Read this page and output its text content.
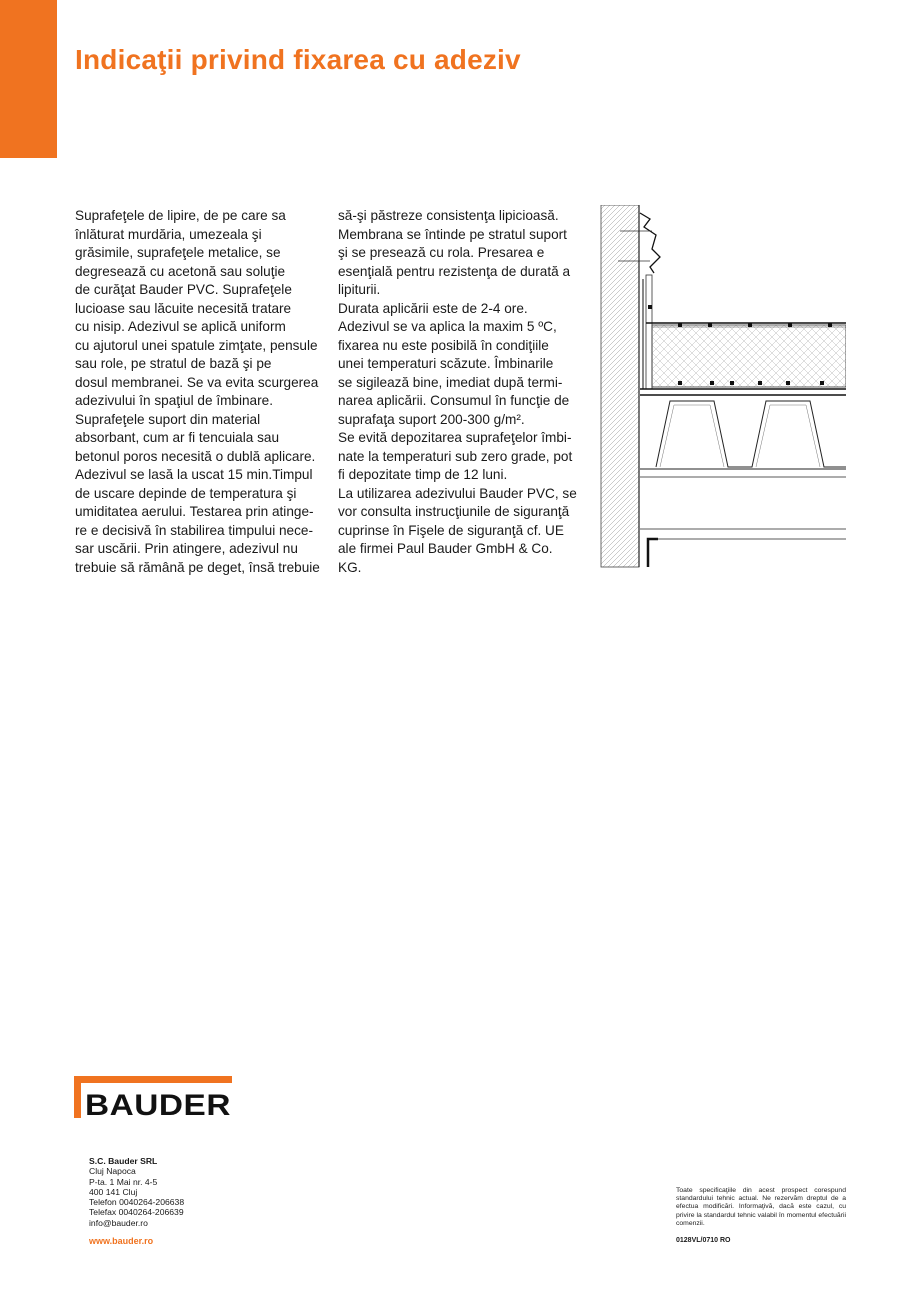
Indicaţii privind fixarea cu adeziv

Suprafeţele de lipire, de pe care sa

înlăturat murdăria, umezeala şi

grăsimile, suprafeţele metalice, se

degresează cu acetonă sau soluţie

de curăţat Bauder PVC. Suprafeţele

lucioase sau lăcuite necesită tratare

cu nisip. Adezivul se aplică uniform

cu ajutorul unei spatule zimţate, pensule

sau role, pe stratul de bază şi pe

dosul membranei. Se va evita scurgerea

adezivului în spaţiul de îmbinare.

Suprafeţele suport din material

absorbant, cum ar fi tencuiala sau

betonul poros necesită o dublă aplicare.

Adezivul se lasă la uscat 15 min.Timpul

de uscare depinde de temperatura şi

umiditatea aerului. Testarea prin atinge-

re e decisivă în stabilirea timpului nece-

sar uscării. Prin atingere, adezivul nu

trebuie să rămână pe deget, însă trebuie

să-şi păstreze consistenţa lipicioasă.

Membrana se întinde pe stratul suport

şi se presează cu rola. Presarea e

esenţială pentru rezistenţa de durată a

lipiturii.

Durata aplicării este de 2-4 ore.

Adezivul se va aplica la maxim 5 ºC,

fixarea nu este posibilă în condiţiile

unei temperaturi scăzute. Îmbinarile

se sigilează bine, imediat după termi-

narea aplicării. Consumul în funcţie de

suprafaţa suport 200-300 g/m².

Se evită depozitarea suprafeţelor îmbi-

nate la temperaturi sub zero grade, pot

fi depozitate timp de 12 luni.

La utilizarea adezivului Bauder PVC, se

vor consulta instrucţiunile de siguranţă

cuprinse în Fişele de siguranţă cf. UE

ale firmei Paul Bauder GmbH & Co.

KG.

BAUDER
S.C. Bauder SRL
Cluj Napoca
P-ta. 1 Mai nr. 4-5
400 141 Cluj
Telefon 0040264-206638
Telefax 0040264-206639
info@bauder.ro
www.bauder.ro
Toate specificaţiile din acest prospect corespund standardului tehnic actual. Ne rezervăm dreptul de a efectua modificări. Informaţivă, dacă este cazul, cu privire la standardul tehnic valabil în momentul efectuării comenzii.
0128VL/0710 RO
